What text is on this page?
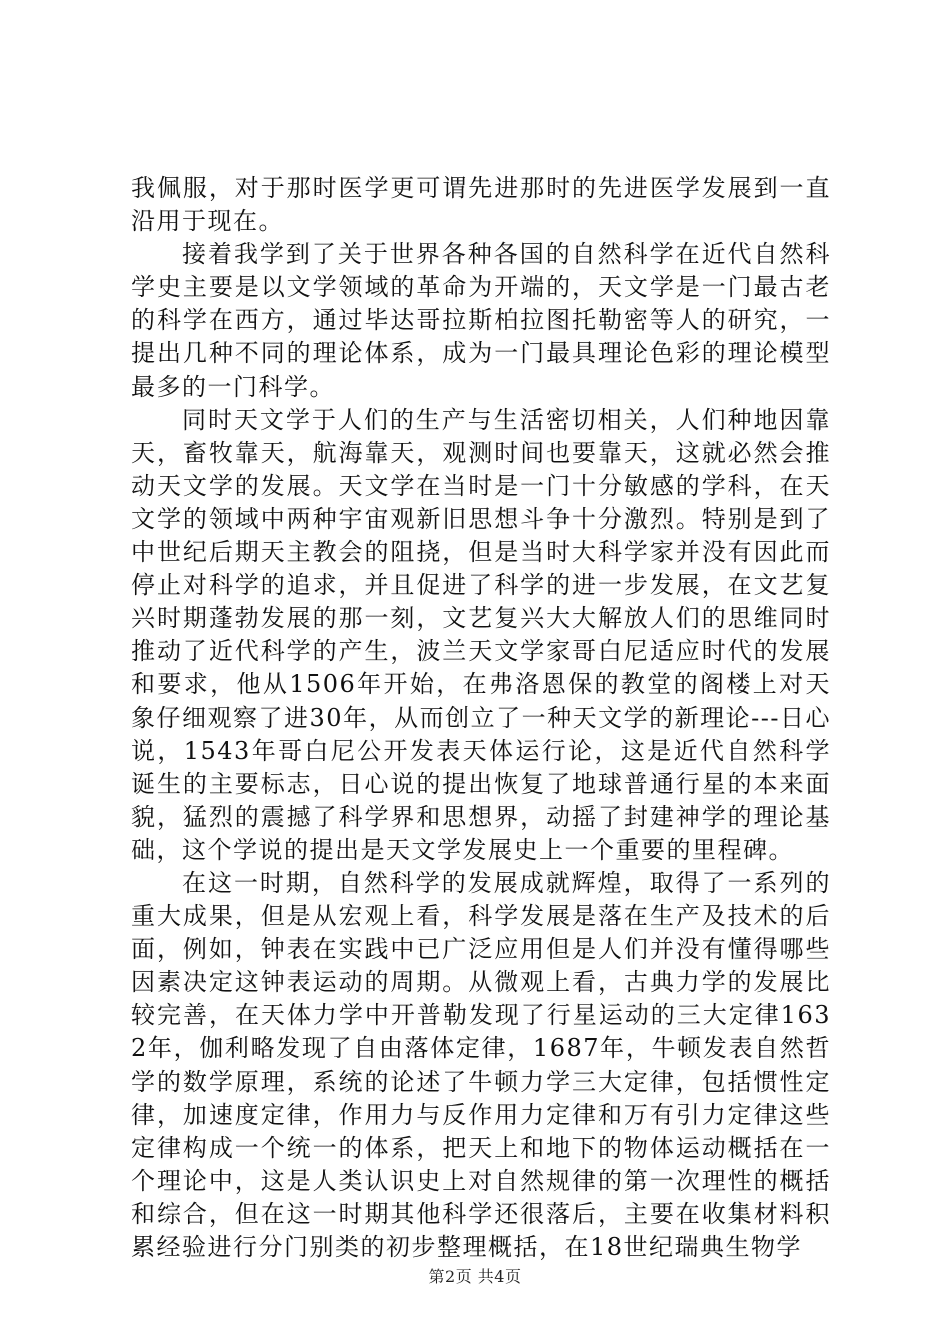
我佩服，对于那时医学更可谓先进那时的先进医学发展到一直沿用于现在。

接着我学到了关于世界各种各国的自然科学在近代自然科学史主要是以文学领域的革命为开端的，天文学是一门最古老的科学在西方，通过毕达哥拉斯柏拉图托勒密等人的研究，一提出几种不同的理论体系，成为一门最具理论色彩的理论模型最多的一门科学。

同时天文学于人们的生产与生活密切相关，人们种地因靠天，畜牧靠天，航海靠天，观测时间也要靠天，这就必然会推动天文学的发展。天文学在当时是一门十分敏感的学科，在天文学的领域中两种宇宙观新旧思想斗争十分激烈。特别是到了中世纪后期天主教会的阻挠，但是当时大科学家并没有因此而停止对科学的追求，并且促进了科学的进一步发展，在文艺复兴时期蓬勃发展的那一刻，文艺复兴大大解放人们的思维同时推动了近代科学的产生，波兰天文学家哥白尼适应时代的发展和要求，他从1506年开始，在弗洛恩保的教堂的阁楼上对天象仔细观察了进30年，从而创立了一种天文学的新理论---日心说，1543年哥白尼公开发表天体运行论，这是近代自然科学诞生的主要标志，日心说的提出恢复了地球普通行星的本来面貌，猛烈的震撼了科学界和思想界，动摇了封建神学的理论基础，这个学说的提出是天文学发展史上一个重要的里程碑。

在这一时期，自然科学的发展成就辉煌，取得了一系列的重大成果，但是从宏观上看，科学发展是落在生产及技术的后面，例如，钟表在实践中已广泛应用但是人们并没有懂得哪些因素决定这钟表运动的周期。从微观上看，古典力学的发展比较完善，在天体力学中开普勒发现了行星运动的三大定律1632年，伽利略发现了自由落体定律，1687年，牛顿发表自然哲学的数学原理，系统的论述了牛顿力学三大定律，包括惯性定律，加速度定律，作用力与反作用力定律和万有引力定律这些定律构成一个统一的体系，把天上和地下的物体运动概括在一个理论中，这是人类认识史上对自然规律的第一次理性的概括和综合，但在这一时期其他科学还很落后，主要在收集材料积累经验进行分门别类的初步整理概括，在18世纪瑞典生物学

第2页 共4页
